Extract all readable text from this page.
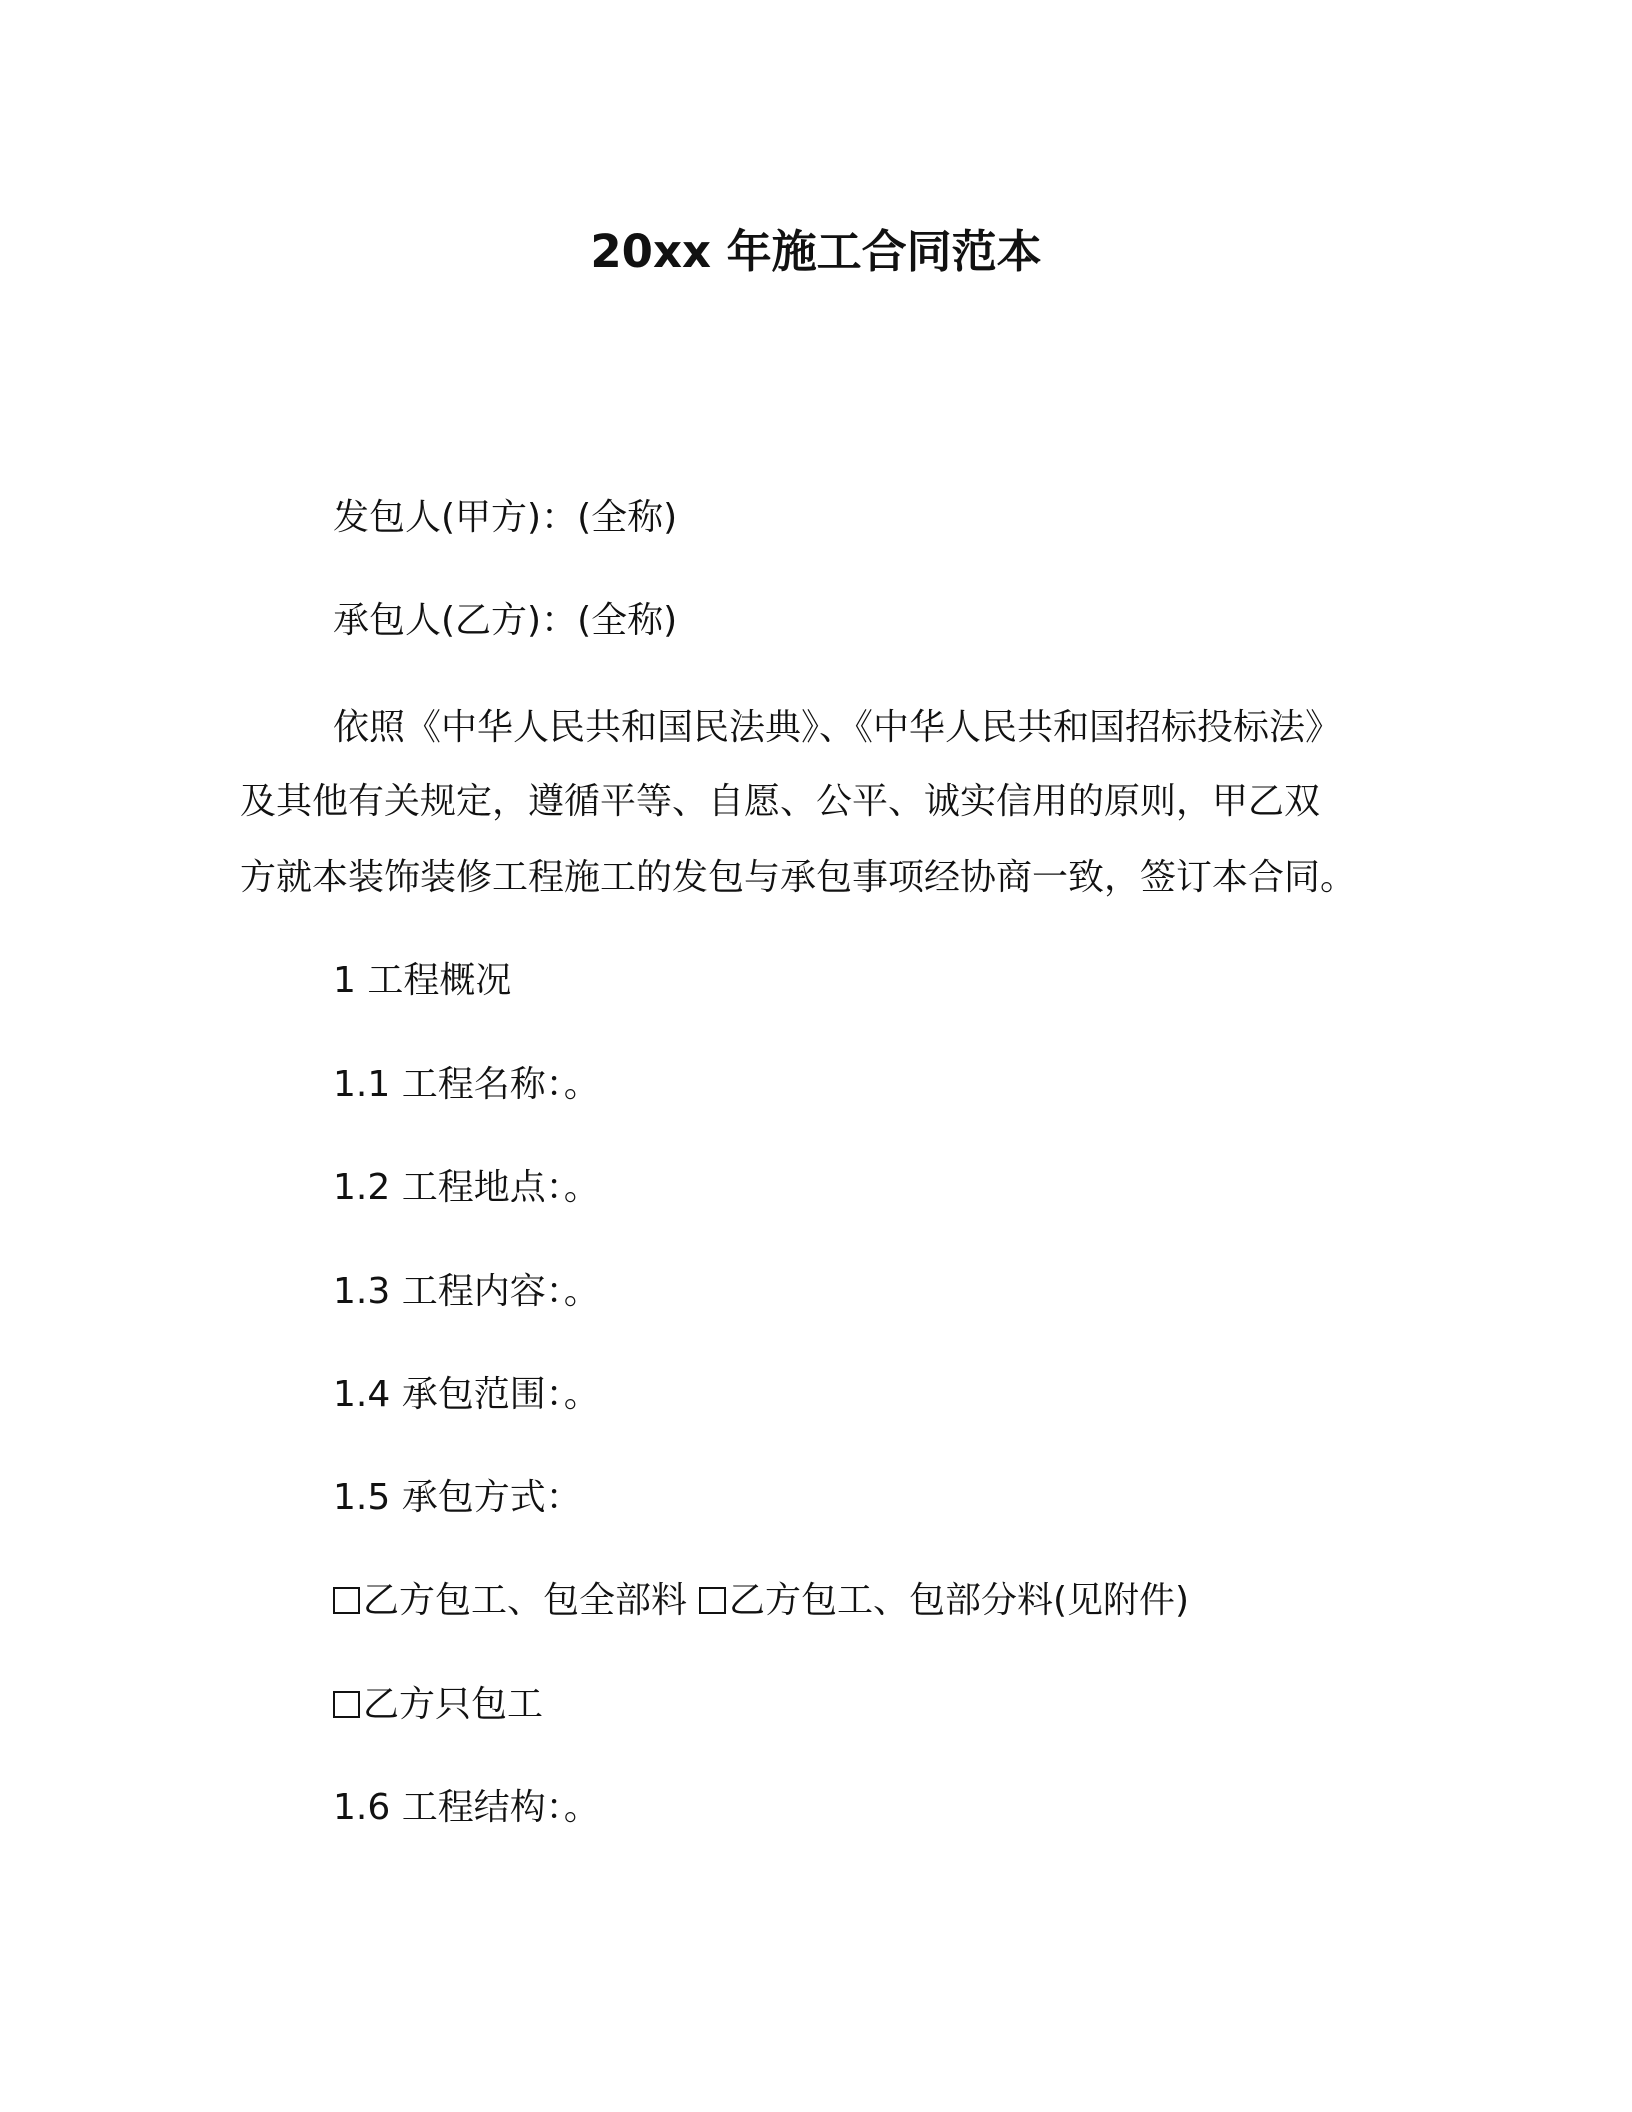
20xx 年施工合同范本
发包人(甲方)：(全称)
承包人(乙方)：(全称)
依照《中华人民共和国民法典》、《中华人民共和国招标投标法》
及其他有关规定，遵循平等、自愿、公平、诚实信用的原则，甲乙双
方就本装饰装修工程施工的发包与承包事项经协商一致，签订本合同。
1 工程概况
1.1 工程名称：。
1.2 工程地点：。
1.3 工程内容：。
1.4 承包范围：。
1.5 承包方式：
乙方包工、包全部料 乙方包工、包部分料(见附件)
乙方只包工
1.6 工程结构：。
